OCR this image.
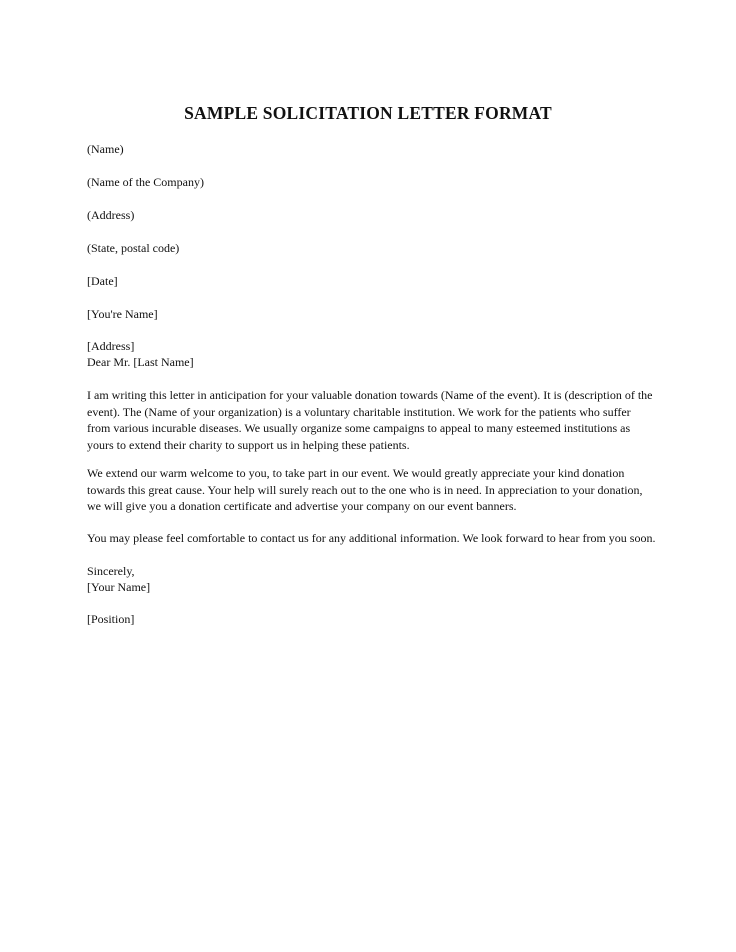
SAMPLE SOLICITATION LETTER FORMAT
(Name)
(Name of the Company)
(Address)
(State, postal code)
[Date]
[You're Name]
[Address]
Dear Mr. [Last Name]
I am writing this letter in anticipation for your valuable donation towards (Name of the event). It is (description of the
event). The (Name of your organization) is a voluntary charitable institution. We work for the patients who suffer
from various incurable diseases. We usually organize some campaigns to appeal to many esteemed institutions as
yours to extend their charity to support us in helping these patients.
We extend our warm welcome to you, to take part in our event. We would greatly appreciate your kind donation
towards this great cause. Your help will surely reach out to the one who is in need. In appreciation to your donation,
we will give you a donation certificate and advertise your company on our event banners.
You may please feel comfortable to contact us for any additional information. We look forward to hear from you soon.
Sincerely,
[Your Name]
[Position]
